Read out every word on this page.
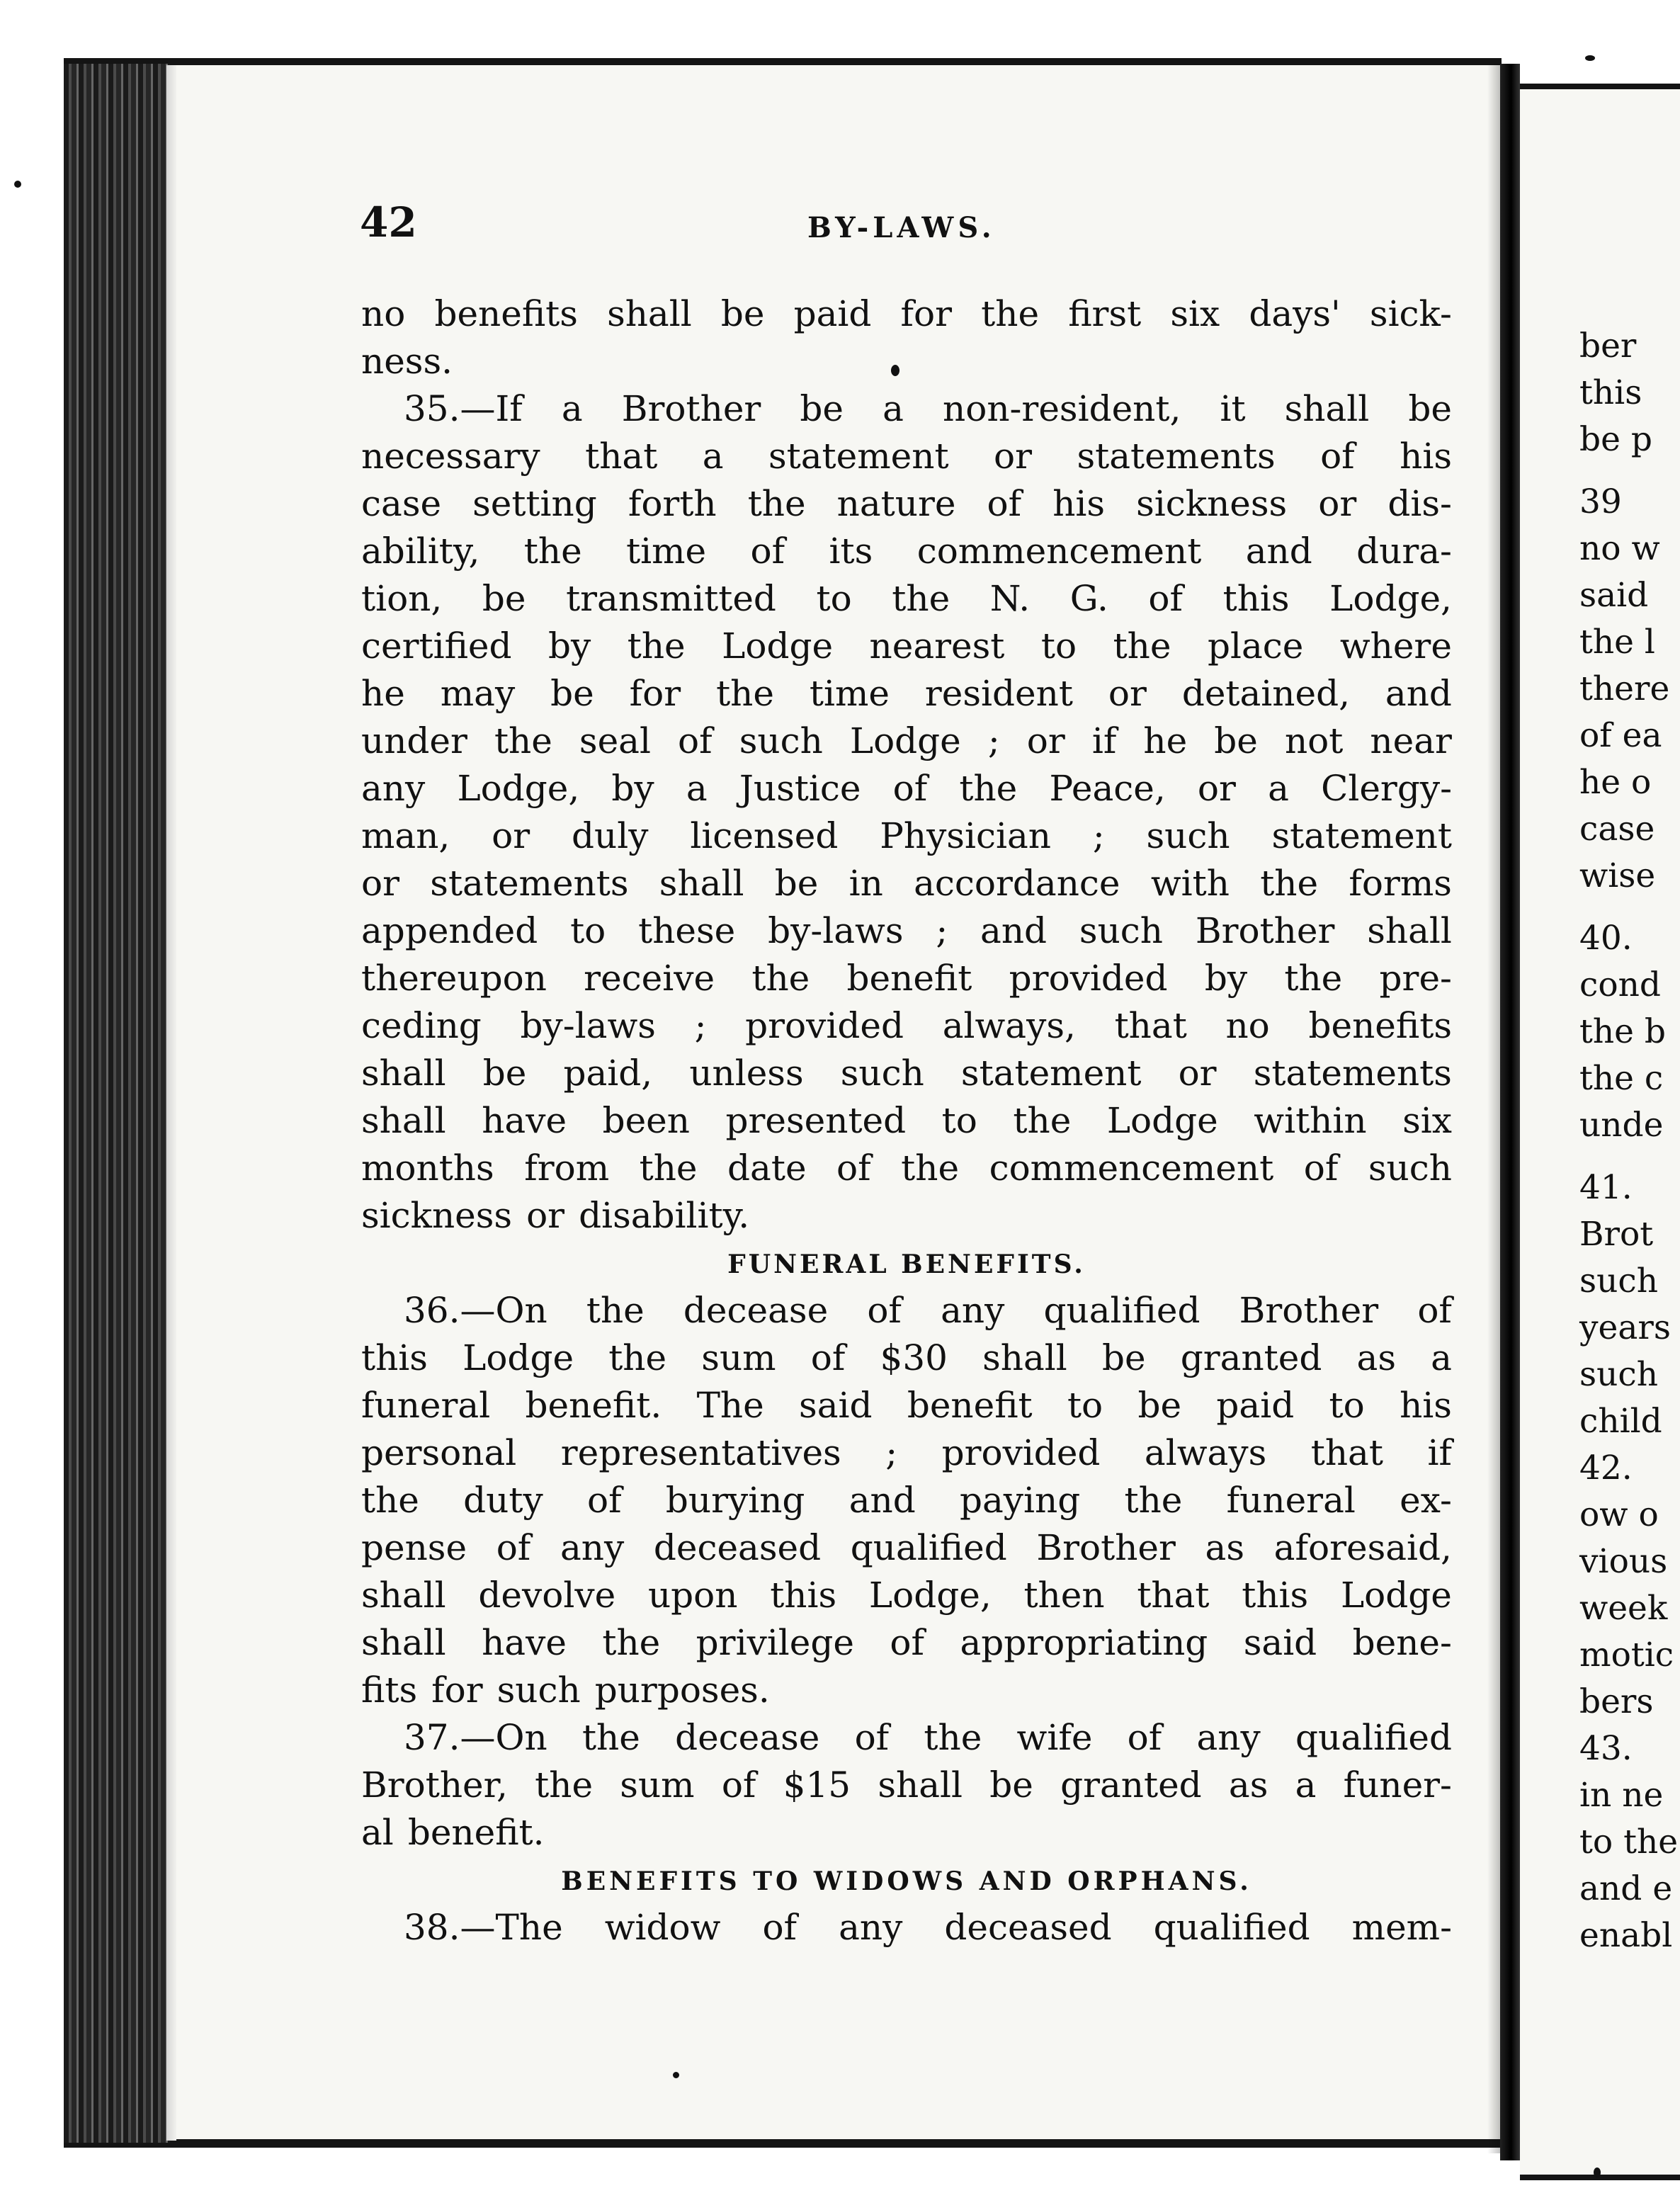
ber
this
be p
39
no w
said
the l
there
of ea
he o
case
wise
40.
cond
the b
the c
unde
41.
Brot
such
years
such
child
42.
ow o
vious
week
motic
bers
43.
in ne
to the
and e
enabl
42	BY-LAWS.
no benefits shall be paid for the first six days' sick-
ness.
35.—If a Brother be a non-resident, it shall be
necessary that a statement or statements of his
case setting forth the nature of his sickness or dis-
ability, the time of its commencement and dura-
tion, be transmitted to the N. G. of this Lodge,
certified by the Lodge nearest to the place where
he may be for the time resident or detained, and
under the seal of such Lodge ; or if he be not near
any Lodge, by a Justice of the Peace, or a Clergy-
man, or duly licensed Physician ; such statement
or statements shall be in accordance with the forms
appended to these by-laws ; and such Brother shall
thereupon receive the benefit provided by the pre-
ceding by-laws ; provided always, that no benefits
shall be paid, unless such statement or statements
shall have been presented to the Lodge within six
months from the date of the commencement of such
sickness or disability.
FUNERAL BENEFITS.
36.—On the decease of any qualified Brother of
this Lodge the sum of $30 shall be granted as a
funeral benefit. The said benefit to be paid to his
personal representatives ; provided always that if
the duty of burying and paying the funeral ex-
pense of any deceased qualified Brother as aforesaid,
shall devolve upon this Lodge, then that this Lodge
shall have the privilege of appropriating said bene-
fits for such purposes.
37.—On the decease of the wife of any qualified
Brother, the sum of $15 shall be granted as a funer-
al benefit.
BENEFITS TO WIDOWS AND ORPHANS.
38.—The widow of any deceased qualified mem-
